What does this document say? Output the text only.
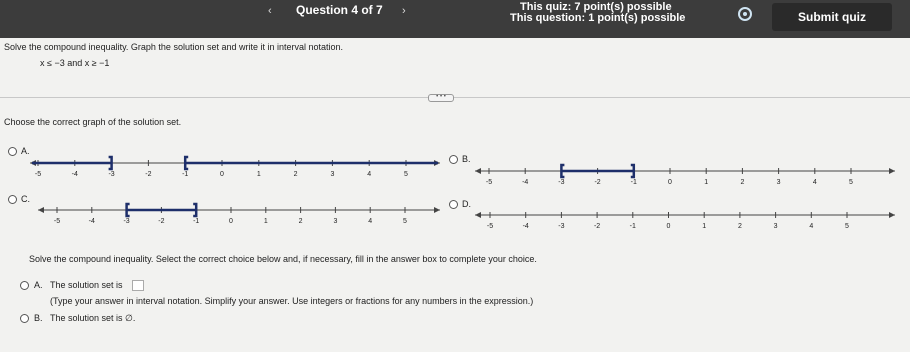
‹ Question 4 of 7 ›	This quiz: 7 point(s) possible
This question: 1 point(s) possible	Submit quiz
Solve the compound inequality. Graph the solution set and write it in interval notation.
x ≤ −3 and x ≥ −1
• • •
Choose the correct graph of the solution set.
A.
-5	-4	-3	-2	-1	0	1	2	3	4	5
B.
-5	-4	-3	-2	-1	0	1	2	3	4	5
C.
-5	-4	-3	-2	-1	0	1	2	3	4	5
D.
-5	-4	-3	-2	-1	0	1	2	3	4	5
Solve the compound inequality. Select the correct choice below and, if necessary, fill in the answer box to complete your choice.
A. The solution set is
(Type your answer in interval notation. Simplify your answer. Use integers or fractions for any numbers in the expression.)
B. The solution set is ∅.
